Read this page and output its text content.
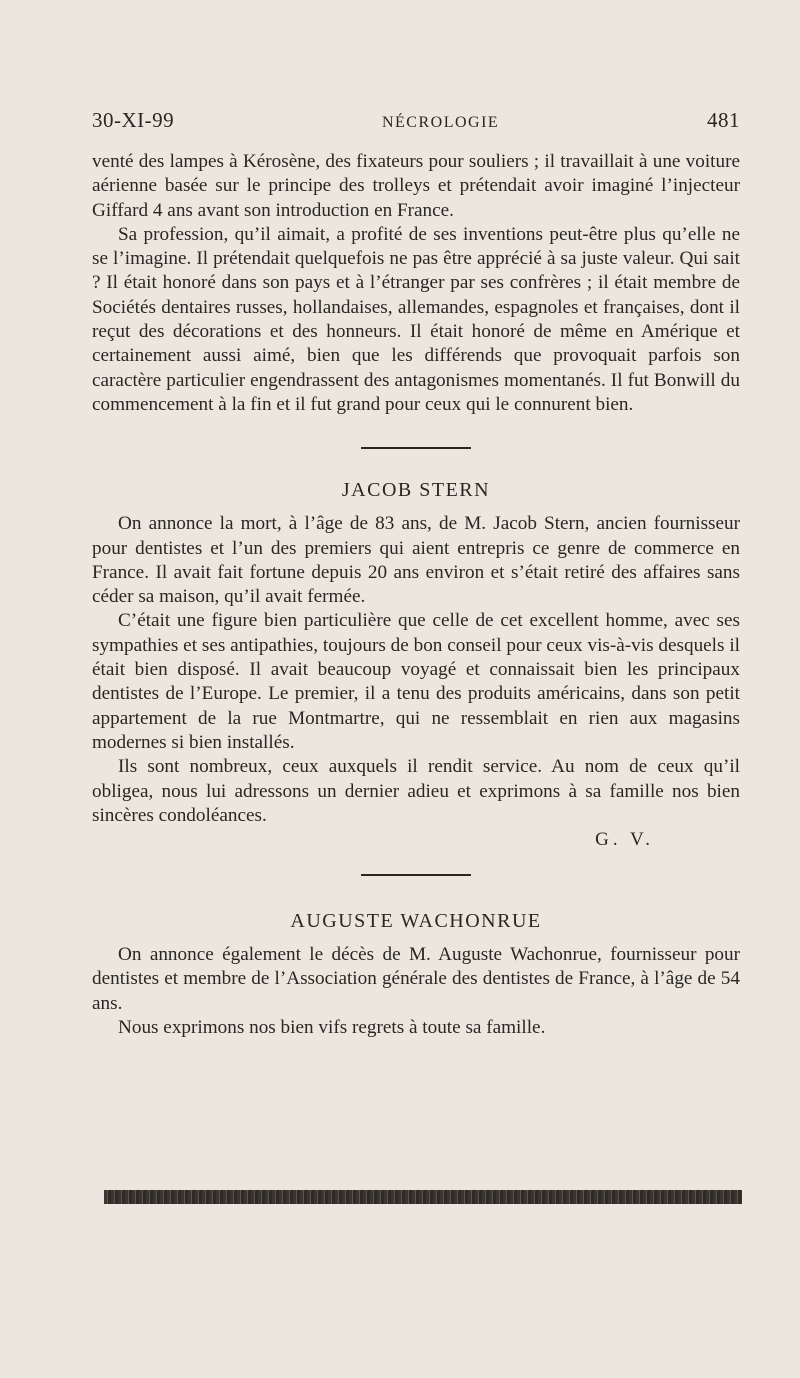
30-XI-99	NÉCROLOGIE	481

venté des lampes à Kérosène, des fixateurs pour souliers ; il travaillait à une voiture aérienne basée sur le principe des trolleys et prétendait avoir imaginé l’injecteur Giffard 4 ans avant son introduction en France.

Sa profession, qu’il aimait, a profité de ses inventions peut-être plus qu’elle ne se l’imagine. Il prétendait quelquefois ne pas être apprécié à sa juste valeur. Qui sait ? Il était honoré dans son pays et à l’étranger par ses confrères ; il était membre de Sociétés dentaires russes, hollandaises, allemandes, espagnoles et françaises, dont il reçut des décorations et des honneurs. Il était honoré de même en Amérique et certainement aussi aimé, bien que les différends que provoquait parfois son caractère particulier engendrassent des antagonismes momentanés. Il fut Bonwill du commencement à la fin et il fut grand pour ceux qui le connurent bien.

JACOB STERN

On annonce la mort, à l’âge de 83 ans, de M. Jacob Stern, ancien fournisseur pour dentistes et l’un des premiers qui aient entrepris ce genre de commerce en France. Il avait fait fortune depuis 20 ans environ et s’était retiré des affaires sans céder sa maison, qu’il avait fermée.

C’était une figure bien particulière que celle de cet excellent homme, avec ses sympathies et ses antipathies, toujours de bon conseil pour ceux vis-à-vis desquels il était bien disposé. Il avait beaucoup voyagé et connaissait bien les principaux dentistes de l’Europe. Le premier, il a tenu des produits américains, dans son petit appartement de la rue Montmartre, qui ne ressemblait en rien aux magasins modernes si bien installés.

Ils sont nombreux, ceux auxquels il rendit service. Au nom de ceux qu’il obligea, nous lui adressons un dernier adieu et exprimons à sa famille nos bien sincères condoléances.

G. V.
AUGUSTE WACHONRUE

On annonce également le décès de M. Auguste Wachonrue, fournisseur pour dentistes et membre de l’Association générale des dentistes de France, à l’âge de 54 ans.

Nous exprimons nos bien vifs regrets à toute sa famille.
